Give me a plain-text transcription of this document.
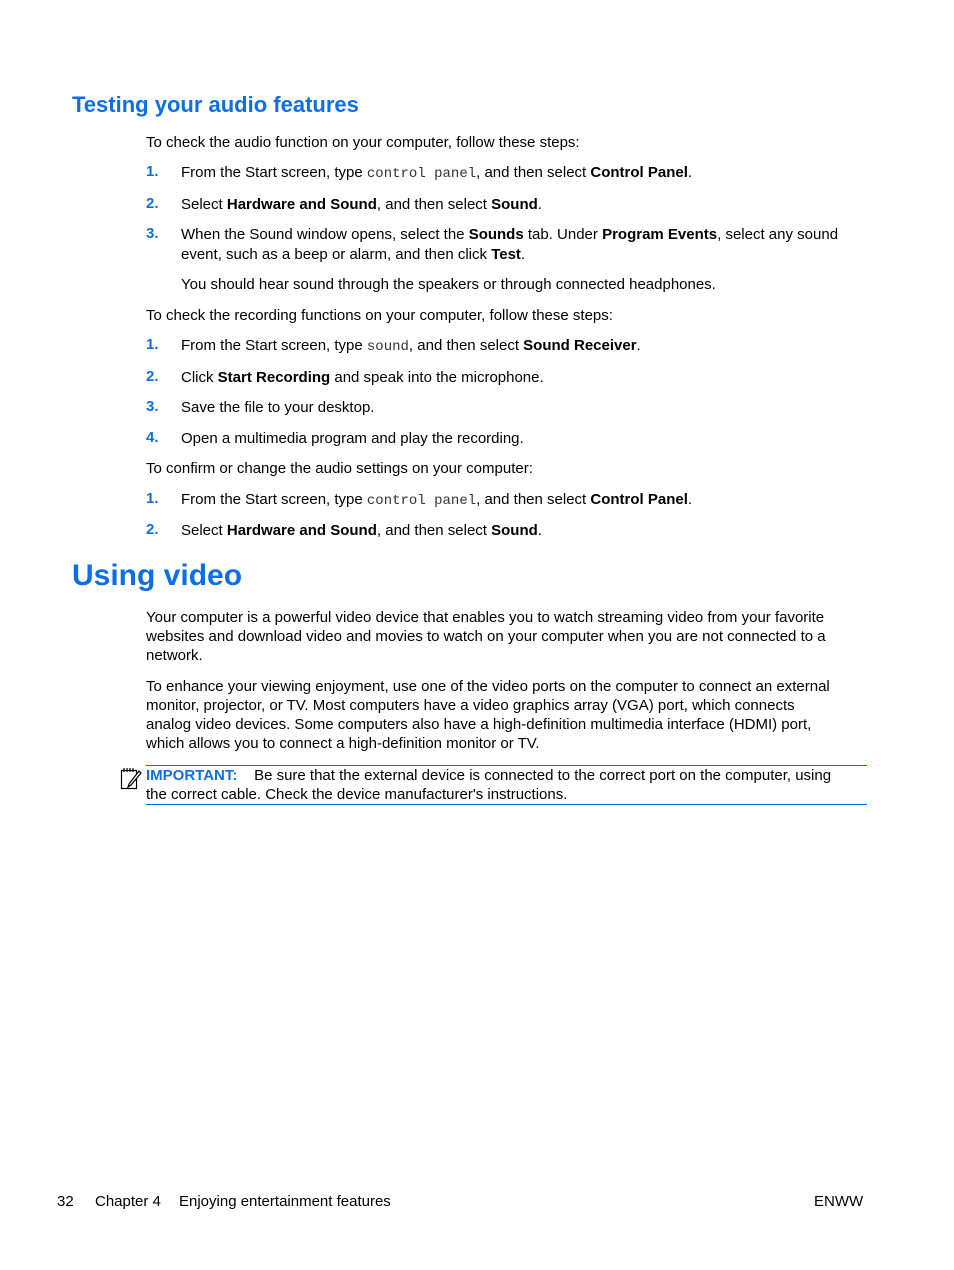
Testing your audio features
To check the audio function on your computer, follow these steps:
1. From the Start screen, type control panel, and then select Control Panel.
2. Select Hardware and Sound, and then select Sound.
3. When the Sound window opens, select the Sounds tab. Under Program Events, select any sound event, such as a beep or alarm, and then click Test.
You should hear sound through the speakers or through connected headphones.
To check the recording functions on your computer, follow these steps:
1. From the Start screen, type sound, and then select Sound Receiver.
2. Click Start Recording and speak into the microphone.
3. Save the file to your desktop.
4. Open a multimedia program and play the recording.
To confirm or change the audio settings on your computer:
1. From the Start screen, type control panel, and then select Control Panel.
2. Select Hardware and Sound, and then select Sound.
Using video
Your computer is a powerful video device that enables you to watch streaming video from your favorite websites and download video and movies to watch on your computer when you are not connected to a network.
To enhance your viewing enjoyment, use one of the video ports on the computer to connect an external monitor, projector, or TV. Most computers have a video graphics array (VGA) port, which connects analog video devices. Some computers also have a high-definition multimedia interface (HDMI) port, which allows you to connect a high-definition monitor or TV.
IMPORTANT: Be sure that the external device is connected to the correct port on the computer, using the correct cable. Check the device manufacturer's instructions.
32 Chapter 4 Enjoying entertainment features	ENWW
